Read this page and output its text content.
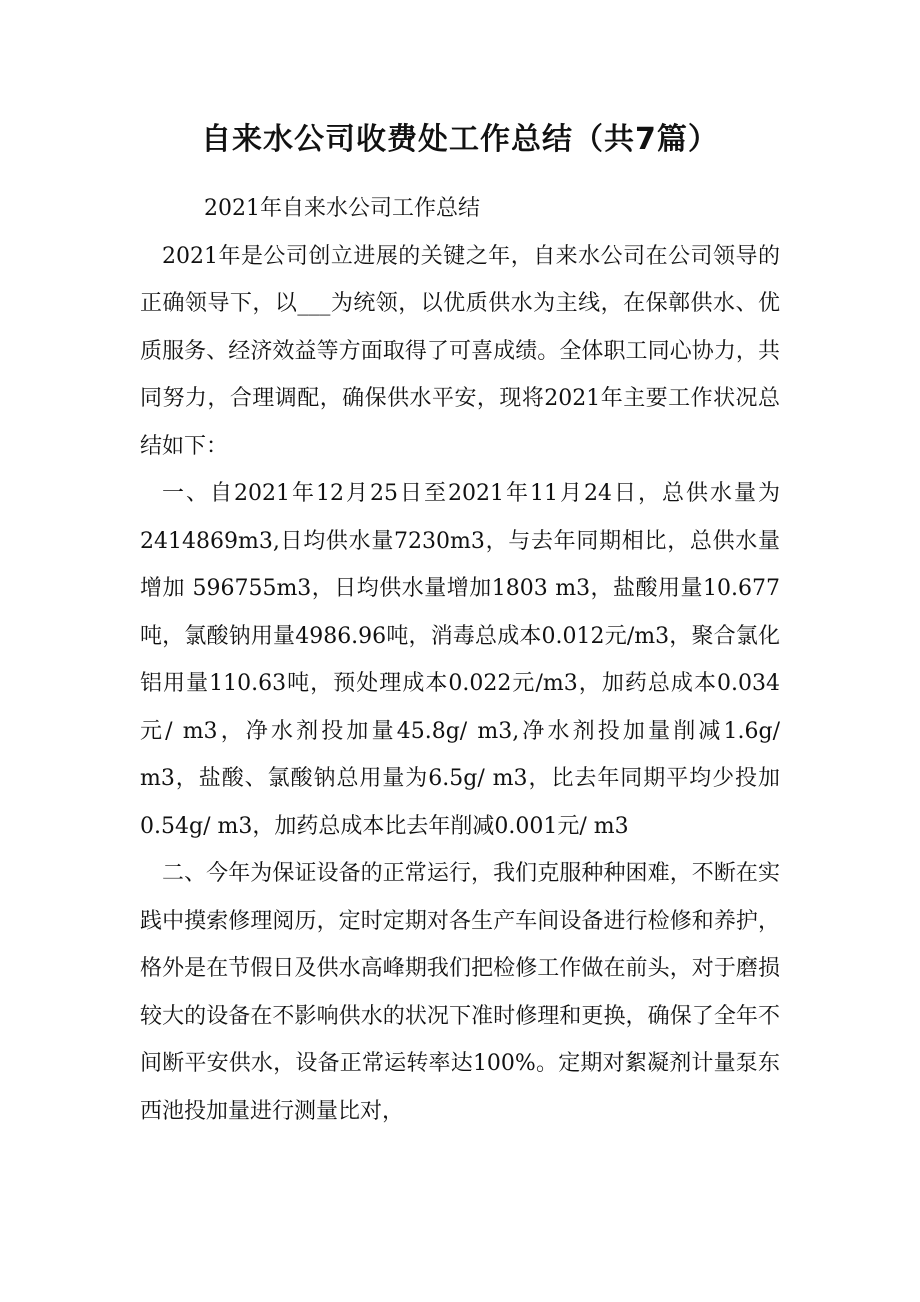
自来水公司收费处工作总结（共7篇）

2021年自来水公司工作总结

2021年是公司创立进展的关键之年，自来水公司在公司领导的正确领导下，以___为统领，以优质供水为主线，在保鄣供水、优质服务、经济效益等方面取得了可喜成绩。全体职工同心协力，共同努力，合理调配，确保供水平安，现将2021年主要工作状况总结如下：

一、自2021年12月25日至2021年11月24日，总供水量为2414869m3,日均供水量7230m3，与去年同期相比，总供水量增加 596755m3，日均供水量增加1803 m3，盐酸用量10.677 吨，氯酸钠用量4986.96吨，消毒总成本0.012元/m3，聚合氯化铝用量110.63吨，预处理成本0.022元/m3，加药总成本0.034元/ m3，净水剂投加量45.8g/ m3,净水剂投加量削减1.6g/ m3，盐酸、氯酸钠总用量为6.5g/ m3，比去年同期平均少投加0.54g/ m3，加药总成本比去年削减0.001元/ m3

二、今年为保证设备的正常运行，我们克服种种困难，不断在实践中摸索修理阅历，定时定期对各生产车间设备进行检修和养护，格外是在节假日及供水高峰期我们把检修工作做在前头，对于磨损较大的设备在不影响供水的状况下准时修理和更换，确保了全年不间断平安供水，设备正常运转率达100%。定期对絮凝剂计量泵东西池投加量进行测量比对，
